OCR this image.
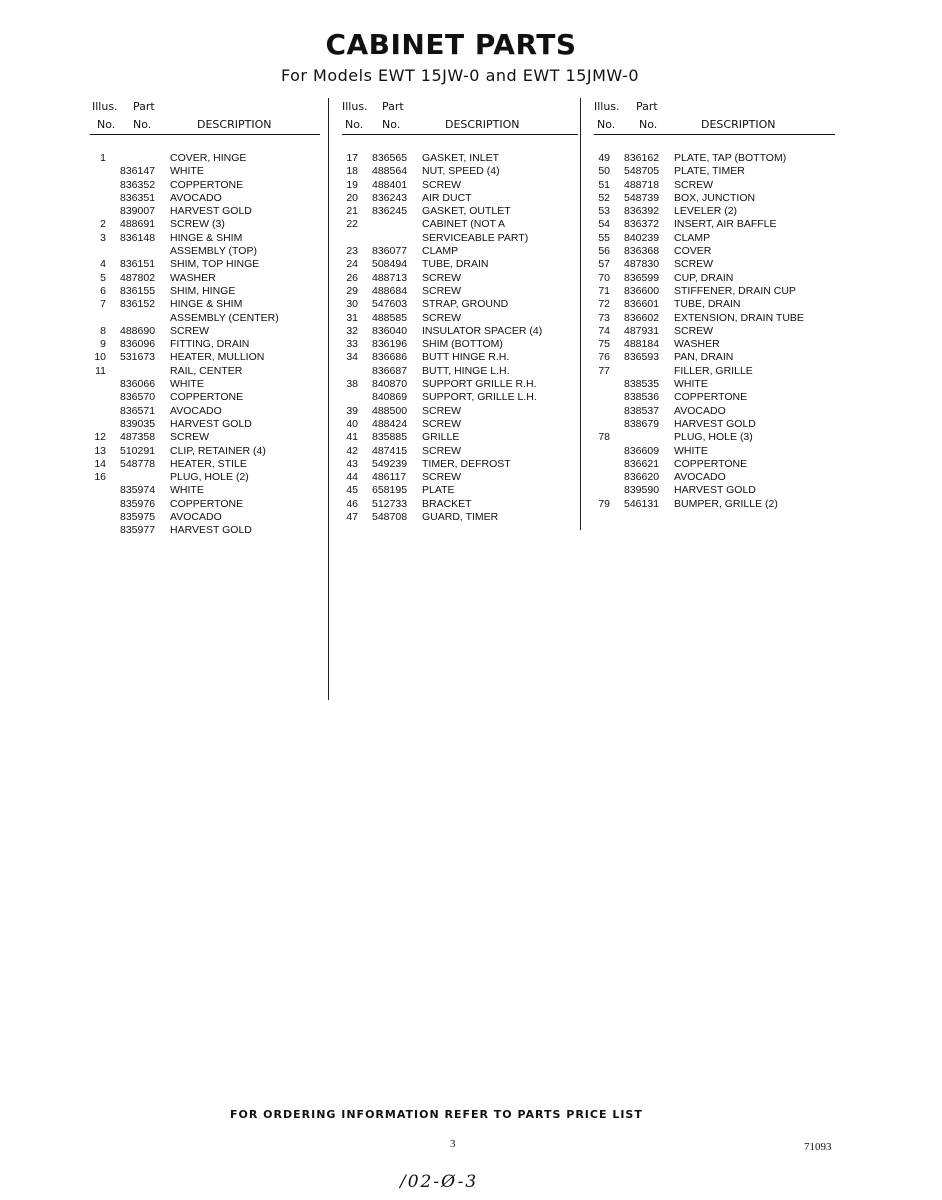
CABINET PARTS
For Models EWT 15JW-0 and EWT 15JMW-0
Illus. Part
No. No.	DESCRIPTION
1	COVER, HINGE
836147 WHITE
836352 COPPERTONE
836351 AVOCADO
839007 HARVEST GOLD
2 488691 SCREW (3)
3 836148 HINGE & SHIM
ASSEMBLY (TOP)
4 836151 SHIM, TOP HINGE
5 487802 WASHER
6 836155 SHIM, HINGE
7 836152 HINGE & SHIM
ASSEMBLY (CENTER)
8 488690 SCREW
9 836096 FITTING, DRAIN
10 531673 HEATER, MULLION
11	RAIL, CENTER
836066 WHITE
836570 COPPERTONE
836571 AVOCADO
839035 HARVEST GOLD
12 487358 SCREW
13 510291 CLIP, RETAINER (4)
14 548778 HEATER, STILE
16	PLUG, HOLE (2)
835974 WHITE
835976 COPPERTONE
835975 AVOCADO
835977 HARVEST GOLD
Illus. Part
No. No.	DESCRIPTION
17 836565 GASKET, INLET
18 488564 NUT, SPEED (4)
19 488401 SCREW
20 836243 AIR DUCT
21 836245 GASKET, OUTLET
22	CABINET (NOT A
SERVICEABLE PART)
23 836077 CLAMP
24 508494 TUBE, DRAIN
26 488713 SCREW
29 488684 SCREW
30 547603 STRAP, GROUND
31 488585 SCREW
32 836040 INSULATOR SPACER (4)
33 836196 SHIM (BOTTOM)
34 836686 BUTT HINGE R.H.
836687 BUTT, HINGE L.H.
38 840870 SUPPORT GRILLE R.H.
840869 SUPPORT, GRILLE L.H.
39 488500 SCREW
40 488424 SCREW
41 835885 GRILLE
42 487415 SCREW
43 549239 TIMER, DEFROST
44 486117 SCREW
45 658195 PLATE
46 512733 BRACKET
47 548708 GUARD, TIMER
Illus. Part
No. No.	DESCRIPTION
49 836162 PLATE, TAP (BOTTOM)
50 548705 PLATE, TIMER
51 488718 SCREW
52 548739 BOX, JUNCTION
53 836392 LEVELER (2)
54 836372 INSERT, AIR BAFFLE
55 840239 CLAMP
56 836368 COVER
57 487830 SCREW
70 836599 CUP, DRAIN
71 836600 STIFFENER, DRAIN CUP
72 836601 TUBE, DRAIN
73 836602 EXTENSION, DRAIN TUBE
74 487931 SCREW
75 488184 WASHER
76 836593 PAN, DRAIN
77	FILLER, GRILLE
838535 WHITE
838536 COPPERTONE
838537 AVOCADO
838679 HARVEST GOLD
78	PLUG, HOLE (3)
836609 WHITE
836621 COPPERTONE
836620 AVOCADO
839590 HARVEST GOLD
79 546131 BUMPER, GRILLE (2)
FOR ORDERING INFORMATION REFER TO PARTS PRICE LIST
3	71093
/02-Ø-3
